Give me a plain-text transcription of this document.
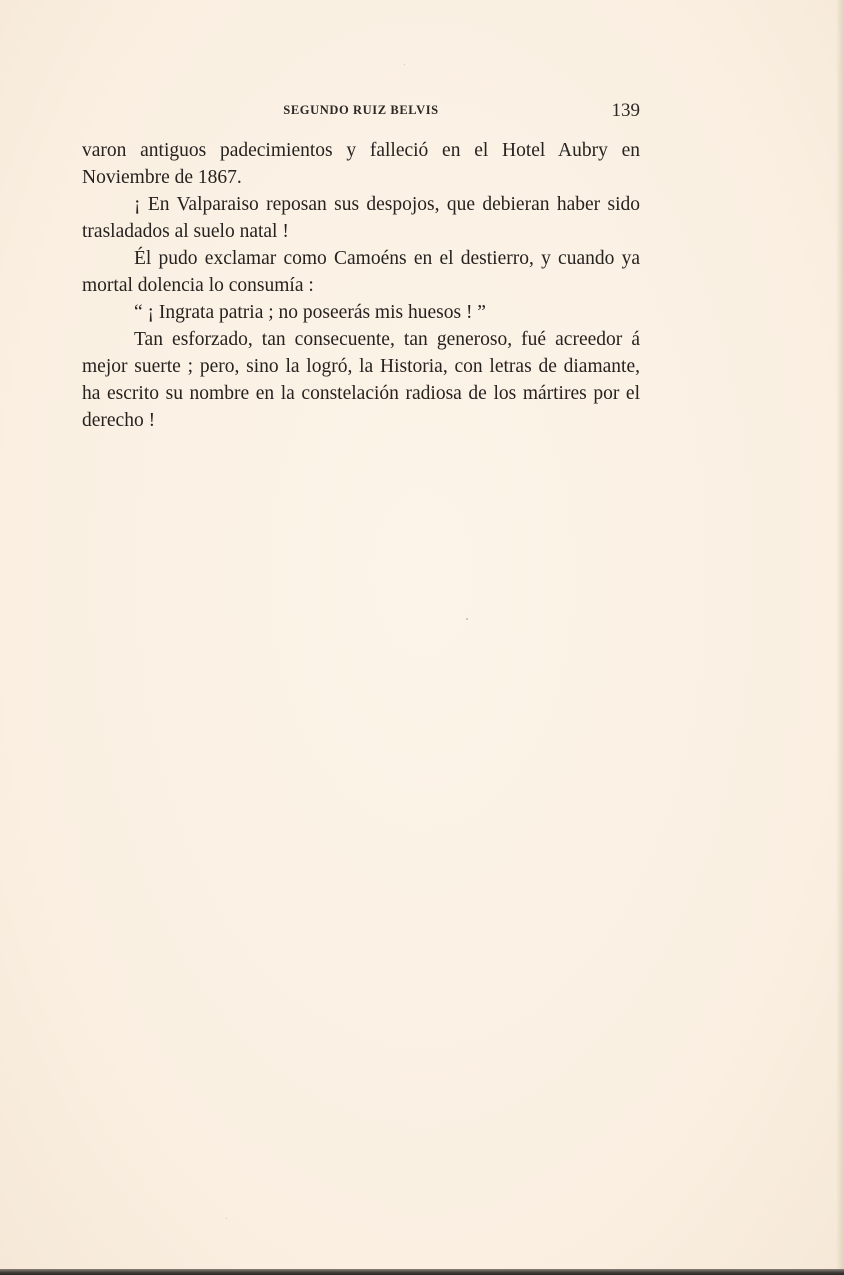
SEGUNDO RUIZ BELVIS	139

varon antiguos padecimientos y falleció en el Hotel Aubry en Noviembre de 1867.

¡ En Valparaiso reposan sus despojos, que debieran haber sido trasladados al suelo natal !

Él pudo exclamar como Camoéns en el destierro, y cuando ya mortal dolencia lo consumía :

“ ¡ Ingrata patria ; no poseerás mis huesos ! ”

Tan esforzado, tan consecuente, tan generoso, fué acreedor á mejor suerte ; pero, sino la logró, la Historia, con letras de diamante, ha escrito su nombre en la constelación radiosa de los mártires por el derecho !
